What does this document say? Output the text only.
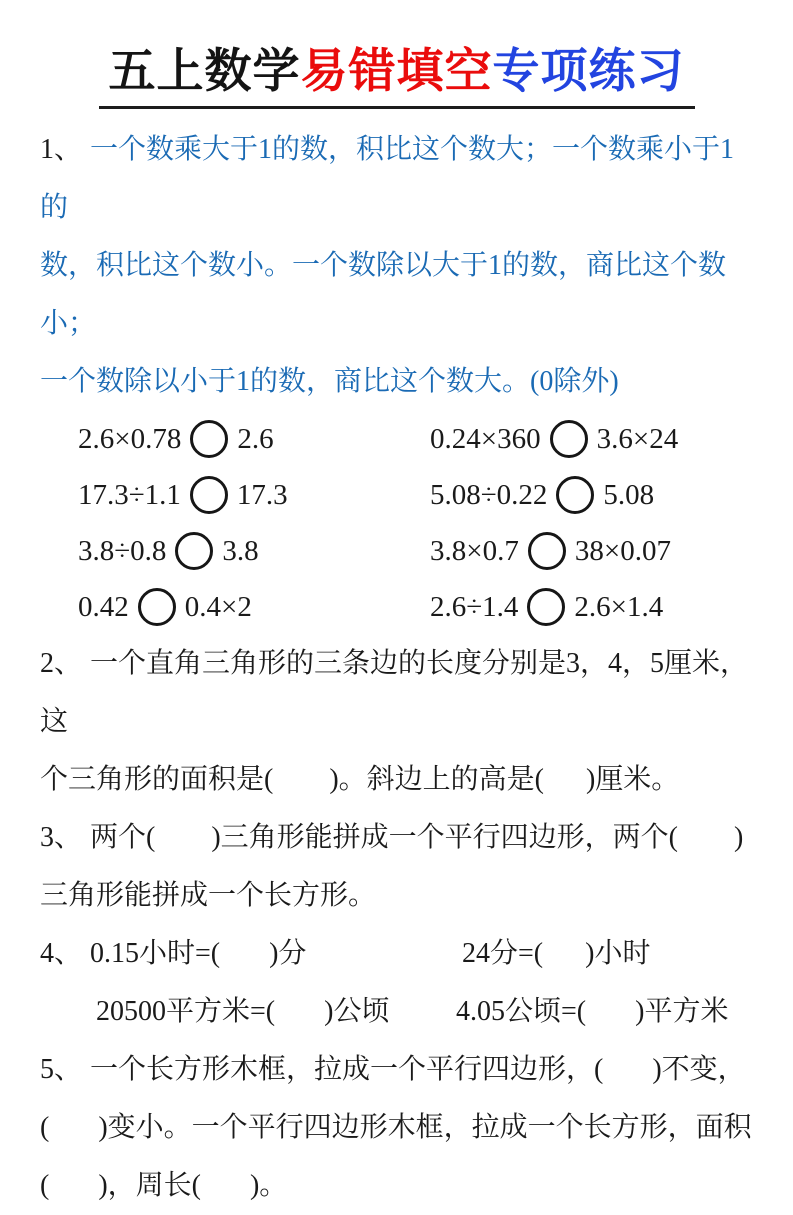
五上数学易错填空专项练习
1、 一个数乘大于1的数，积比这个数大；一个数乘小于1的
数，积比这个数小。一个数除以大于1的数，商比这个数小；
一个数除以小于1的数，商比这个数大。(0除外)
2.6×0.78 2.6	0.24×360 3.6×24
17.3÷1.1 17.3	5.08÷0.22 5.08
3.8÷0.8 3.8	3.8×0.7 38×0.07
0.42 0.4×2	2.6÷1.4 2.6×1.4
2、 一个直角三角形的三条边的长度分别是3，4，5厘米，这
个三角形的面积是(        )。斜边上的高是(      )厘米。
3、 两个(        )三角形能拼成一个平行四边形，两个(        )
三角形能拼成一个长方形。
4、 0.15小时=(       )分	24分=(      )小时
20500平方米=(       )公顷	4.05公顷=(       )平方米
5、 一个长方形木框，拉成一个平行四边形，(       )不变，
(       )变小。一个平行四边形木框，拉成一个长方形，面积
(       )，周长(       )。
